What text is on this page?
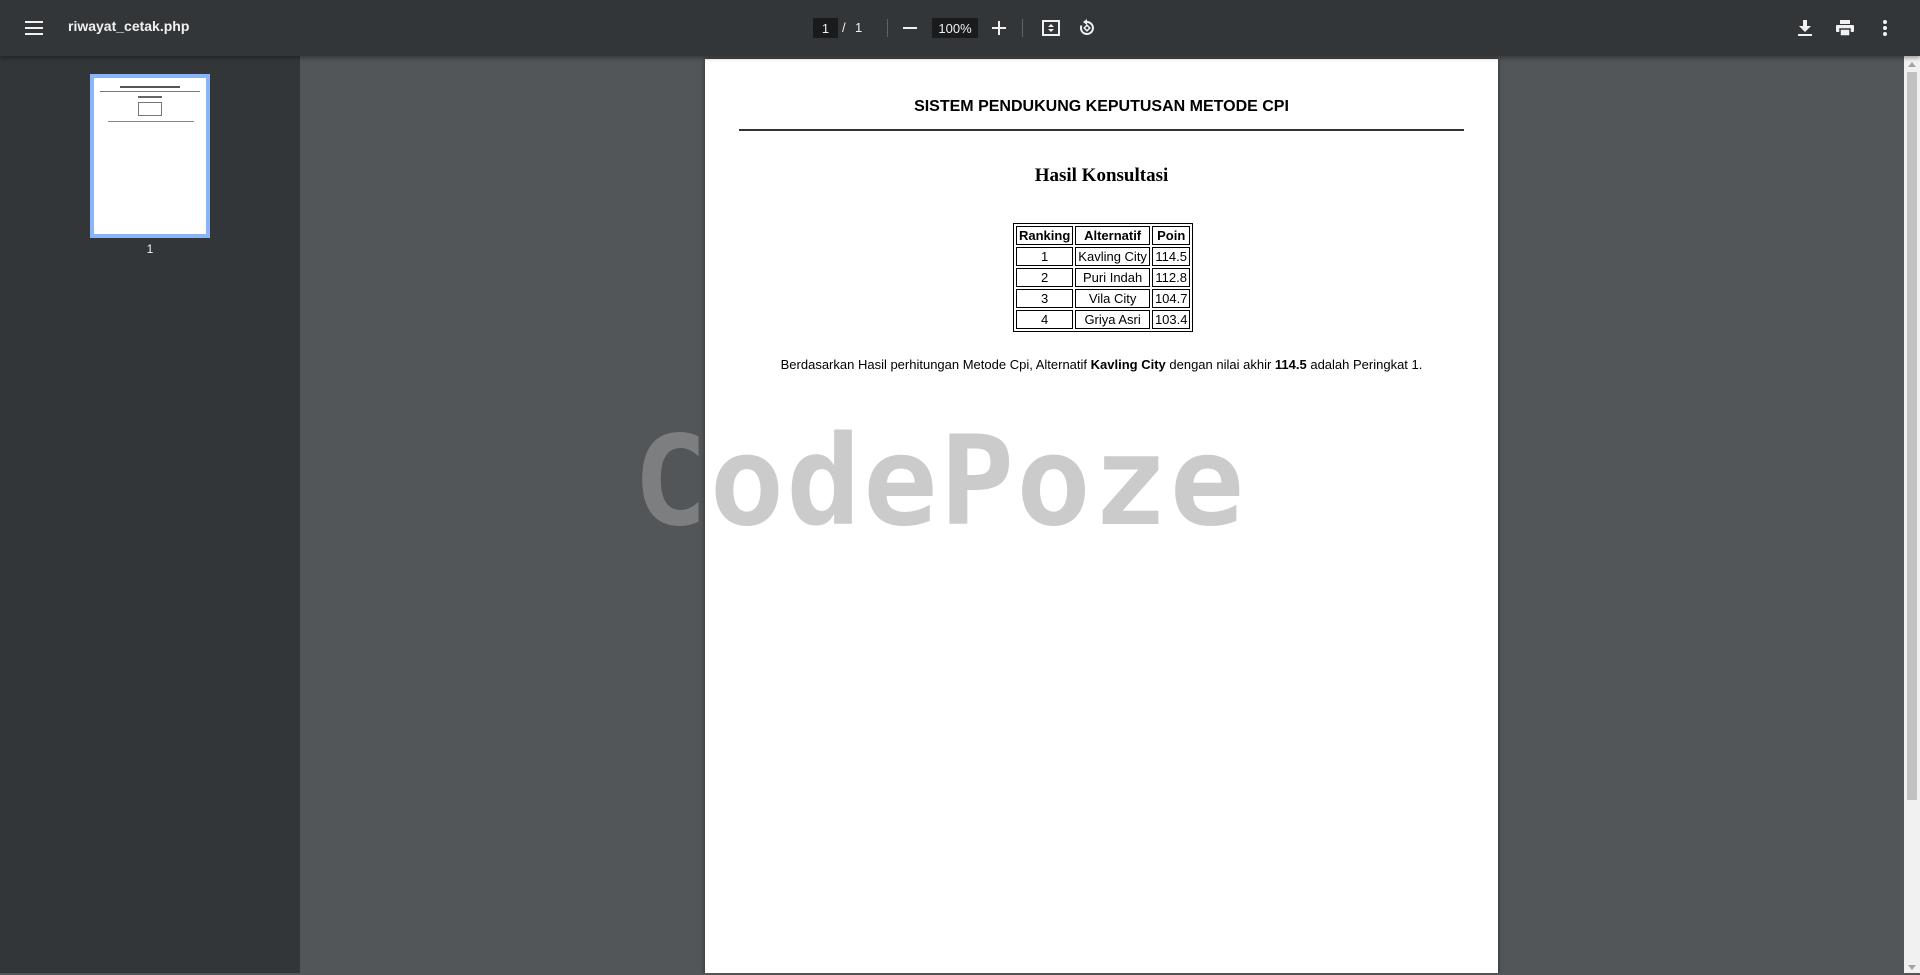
riwayat_cetak.php
1	/ 1
100%
1
SISTEM PENDUKUNG KEPUTUSAN METODE CPI
Hasil Konsultasi
Ranking	Alternatif	Poin
1	Kavling City	114.5
2	Puri Indah	112.8
3	Vila City	104.7
4	Griya Asri	103.4
Berdasarkan Hasil perhitungan Metode Cpi, Alternatif Kavling City dengan nilai akhir 114.5 adalah Peringkat 1.
CodePoze
